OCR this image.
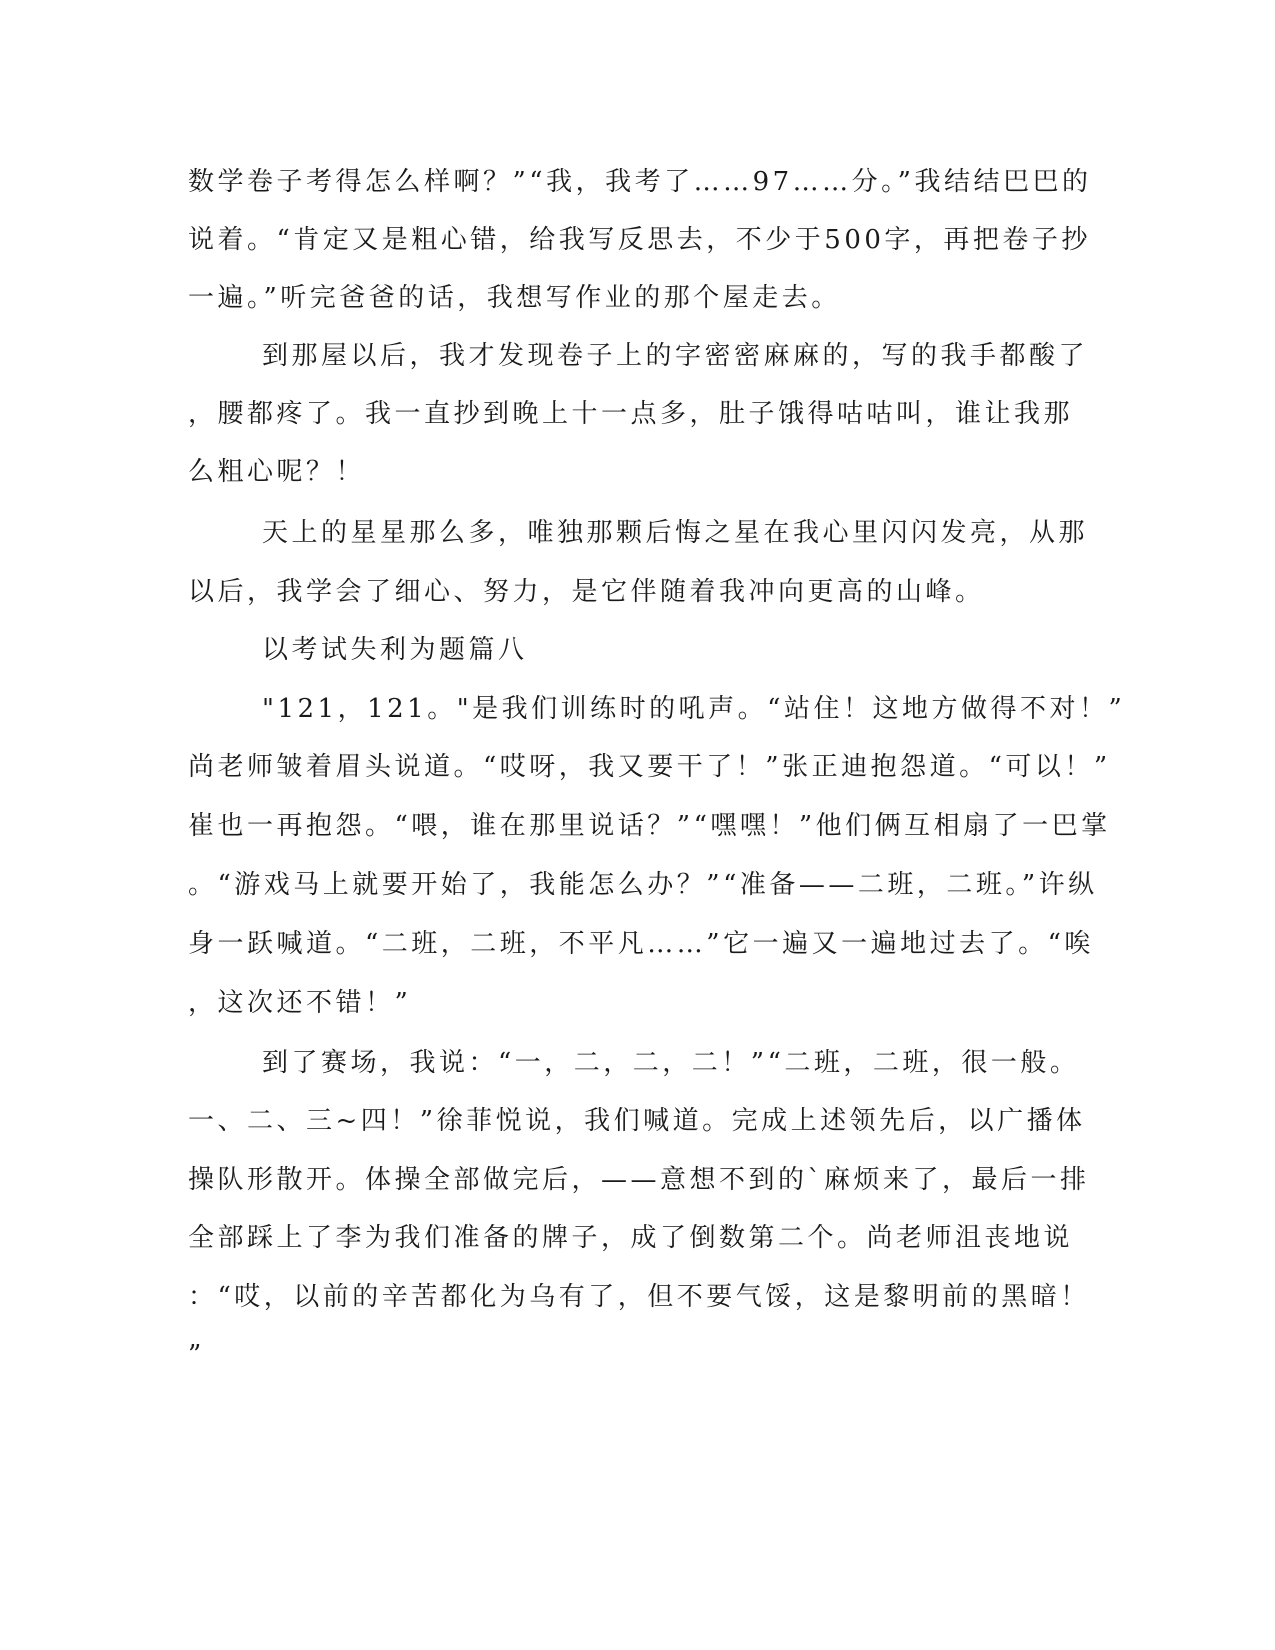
数学卷子考得怎么样啊？”“我，我考了……97……分。”我结结巴巴的
说着。“肯定又是粗心错，给我写反思去，不少于500字，再把卷子抄
一遍。”听完爸爸的话，我想写作业的那个屋走去。
到那屋以后，我才发现卷子上的字密密麻麻的，写的我手都酸了
，腰都疼了。我一直抄到晚上十一点多，肚子饿得咕咕叫，谁让我那
么粗心呢？！
天上的星星那么多，唯独那颗后悔之星在我心里闪闪发亮，从那
以后，我学会了细心、努力，是它伴随着我冲向更高的山峰。
以考试失利为题篇八
"121，121。"是我们训练时的吼声。“站住！这地方做得不对！”
尚老师皱着眉头说道。“哎呀，我又要干了！”张正迪抱怨道。“可以！”
崔也一再抱怨。“喂，谁在那里说话？”“嘿嘿！”他们俩互相扇了一巴掌
。“游戏马上就要开始了，我能怎么办？”“准备——二班，二班。”许纵
身一跃喊道。“二班，二班，不平凡……”它一遍又一遍地过去了。“唉
，这次还不错！”
到了赛场，我说：“一，二，二，二！”“二班，二班，很一般。
一、二、三~四！”徐菲悦说，我们喊道。完成上述领先后，以广播体
操队形散开。体操全部做完后，——意想不到的`麻烦来了，最后一排
全部踩上了李为我们准备的牌子，成了倒数第二个。尚老师沮丧地说
：“哎，以前的辛苦都化为乌有了，但不要气馁，这是黎明前的黑暗！
”
